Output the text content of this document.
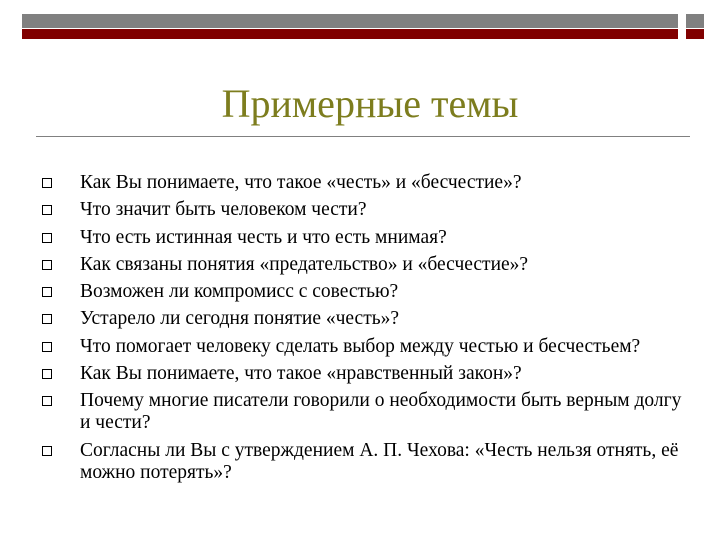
Примерные темы
Как Вы понимаете, что такое «честь» и «бесчестие»?
Что значит быть человеком чести?
Что есть истинная честь и что есть мнимая?
Как связаны понятия «предательство» и «бесчестие»?
Возможен ли компромисс с совестью?
Устарело ли сегодня понятие «честь»?
Что помогает человеку сделать выбор между честью и бесчестьем?
Как Вы понимаете, что такое «нравственный закон»?
Почему многие писатели говорили о необходимости быть верным долгу и чести?
Согласны ли Вы с утверждением А. П. Чехова: «Честь нельзя отнять, её можно потерять»?
